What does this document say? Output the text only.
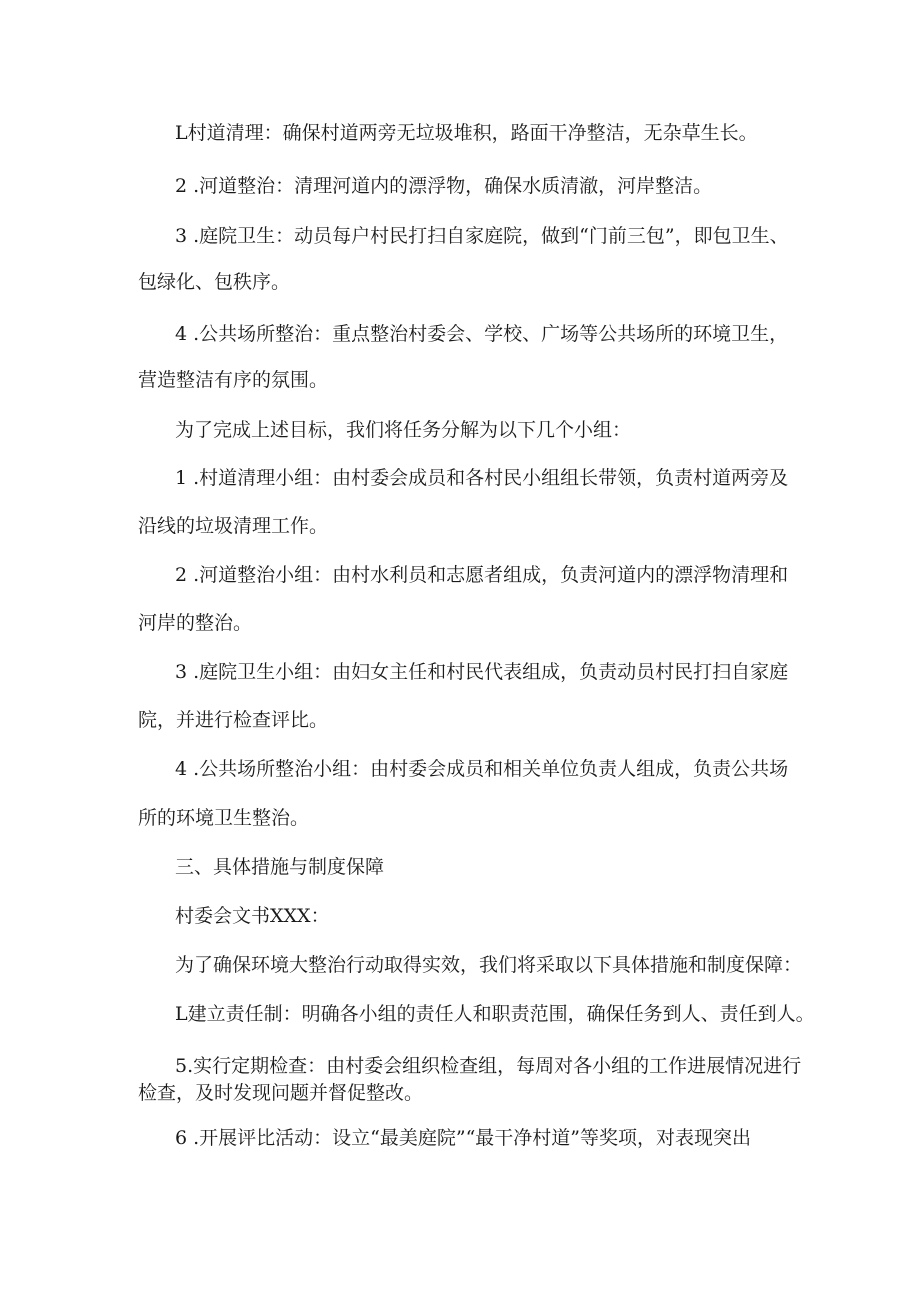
L村道清理：确保村道两旁无垃圾堆积，路面干净整洁，无杂草生长。

2 .河道整治：清理河道内的漂浮物，确保水质清澈，河岸整洁。

3 .庭院卫生：动员每户村民打扫自家庭院，做到“门前三包”，即包卫生、

包绿化、包秩序。

4 .公共场所整治：重点整治村委会、学校、广场等公共场所的环境卫生，

营造整洁有序的氛围。

为了完成上述目标，我们将任务分解为以下几个小组：

1 .村道清理小组：由村委会成员和各村民小组组长带领，负责村道两旁及

沿线的垃圾清理工作。

2 .河道整治小组：由村水利员和志愿者组成，负责河道内的漂浮物清理和

河岸的整治。

3 .庭院卫生小组：由妇女主任和村民代表组成，负责动员村民打扫自家庭

院，并进行检查评比。

4 .公共场所整治小组：由村委会成员和相关单位负责人组成，负责公共场

所的环境卫生整治。

三、具体措施与制度保障

村委会文书XXX：

为了确保环境大整治行动取得实效，我们将采取以下具体措施和制度保障：

L建立责任制：明确各小组的责任人和职责范围，确保任务到人、责任到人。

5.实行定期检查：由村委会组织检查组，每周对各小组的工作进展情况进行

检查，及时发现问题并督促整改。

6 .开展评比活动：设立“最美庭院”“最干净村道”等奖项，对表现突出
